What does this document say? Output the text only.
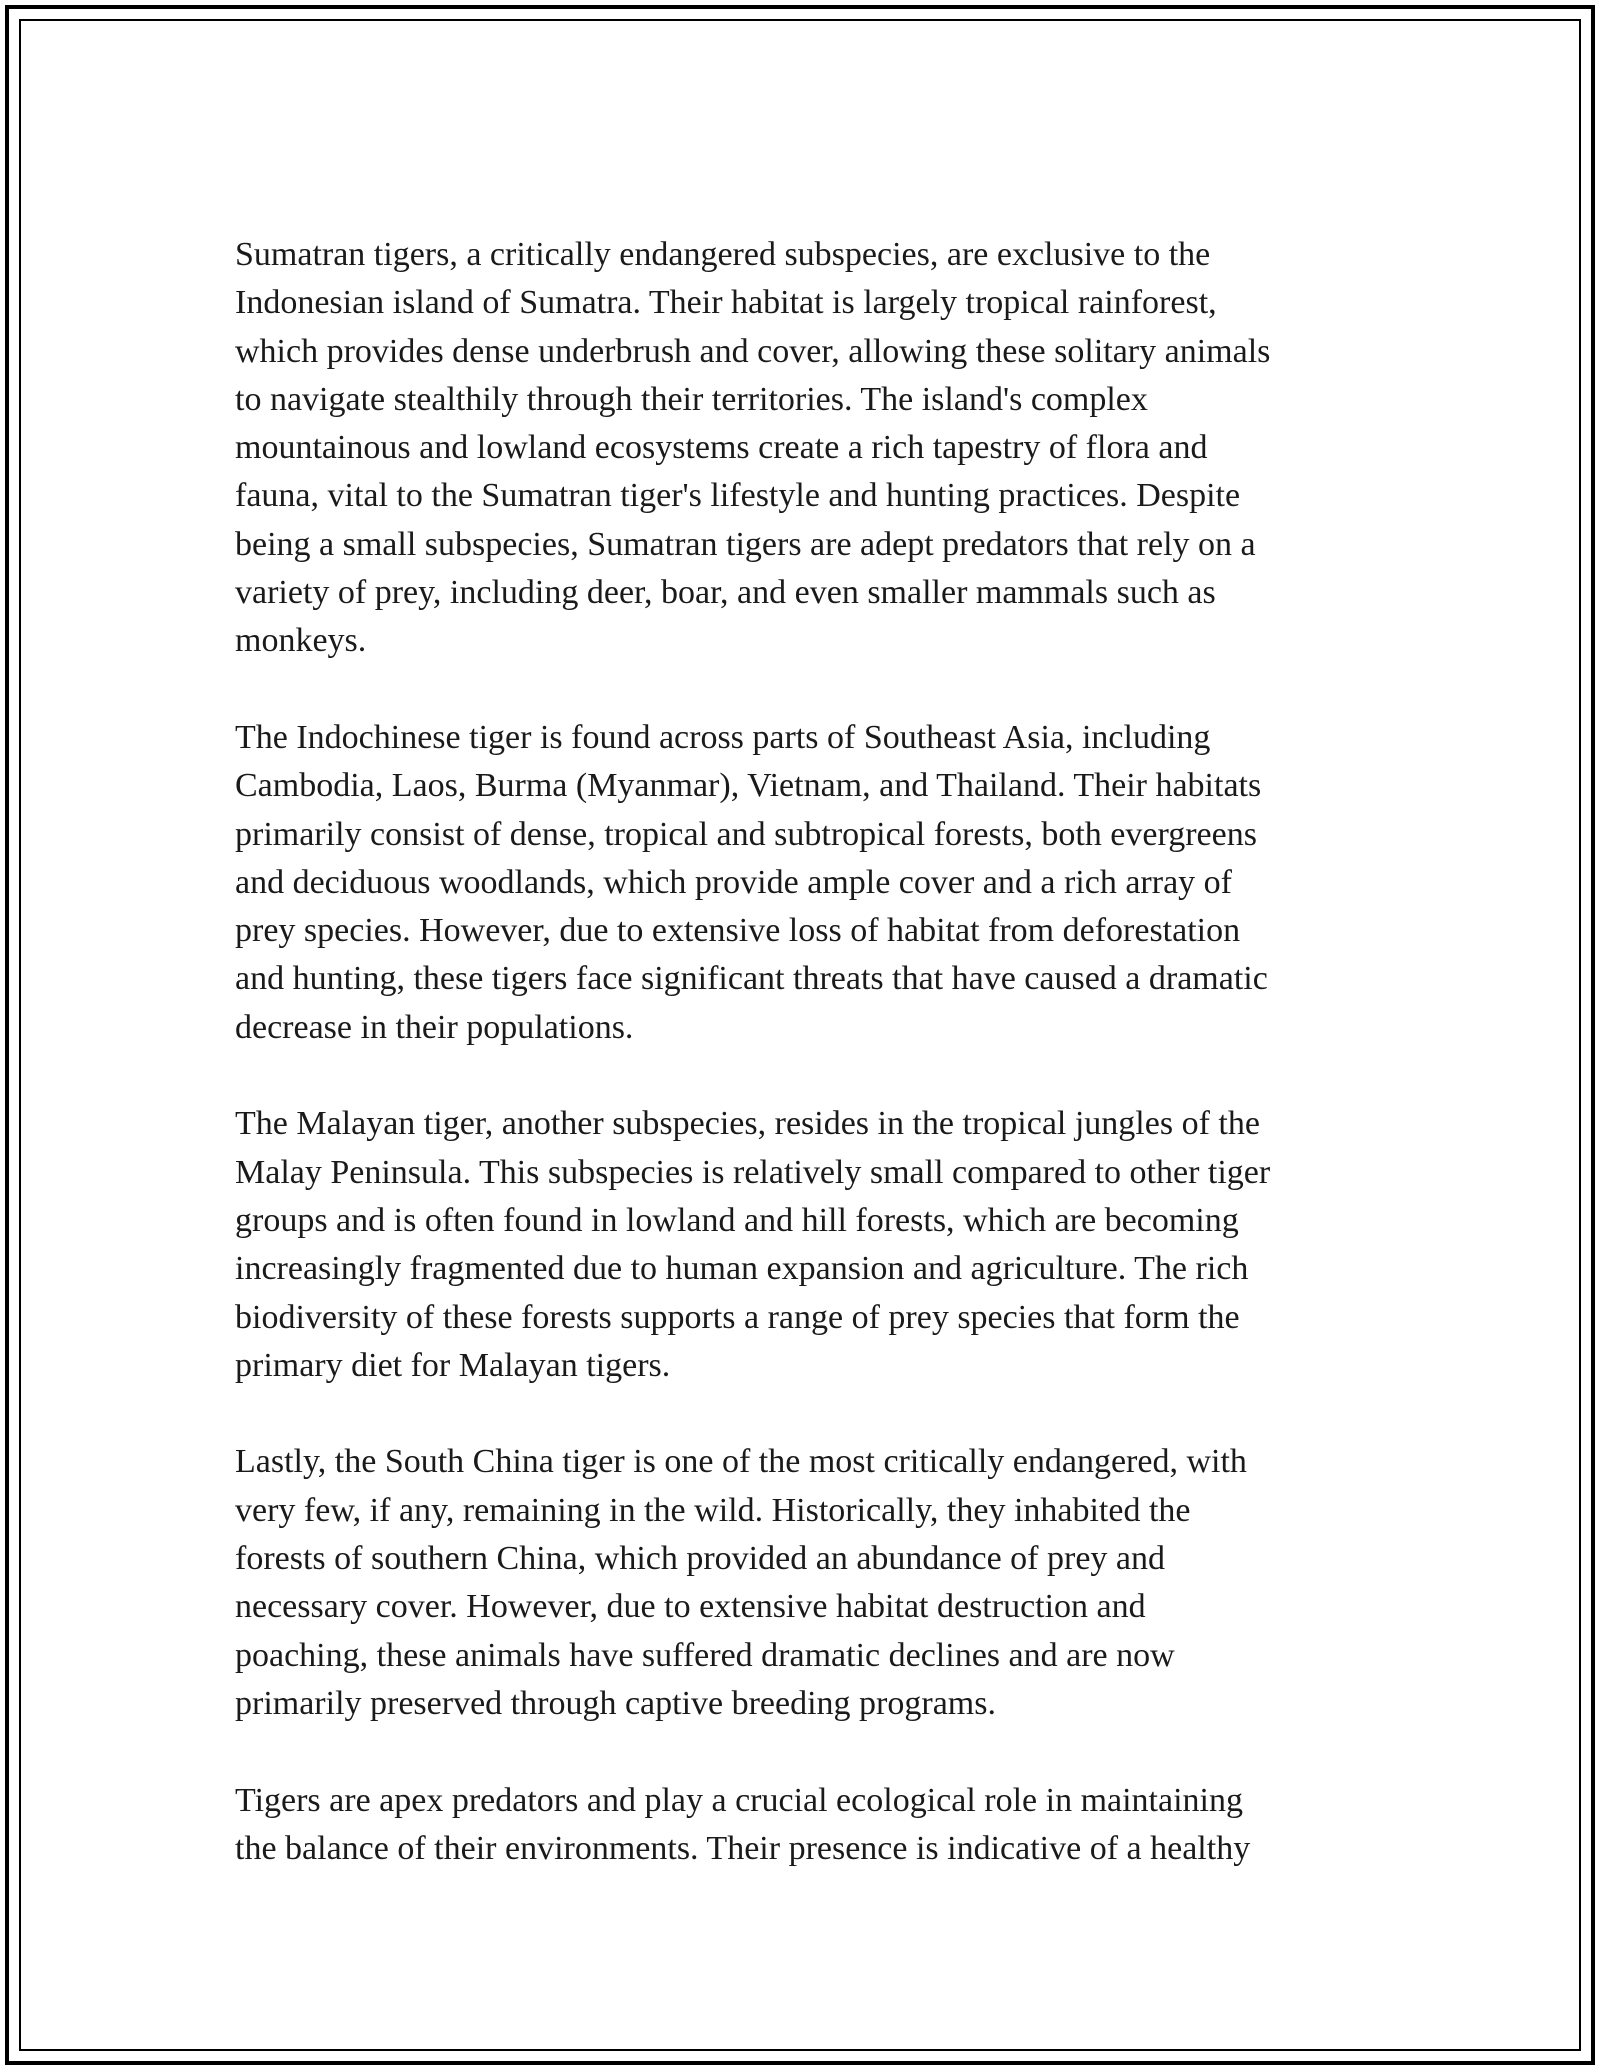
Sumatran tigers, a critically endangered subspecies, are exclusive to the
Indonesian island of Sumatra. Their habitat is largely tropical rainforest,
which provides dense underbrush and cover, allowing these solitary animals
to navigate stealthily through their territories. The island's complex
mountainous and lowland ecosystems create a rich tapestry of flora and
fauna, vital to the Sumatran tiger's lifestyle and hunting practices. Despite
being a small subspecies, Sumatran tigers are adept predators that rely on a
variety of prey, including deer, boar, and even smaller mammals such as
monkeys.

The Indochinese tiger is found across parts of Southeast Asia, including
Cambodia, Laos, Burma (Myanmar), Vietnam, and Thailand. Their habitats
primarily consist of dense, tropical and subtropical forests, both evergreens
and deciduous woodlands, which provide ample cover and a rich array of
prey species. However, due to extensive loss of habitat from deforestation
and hunting, these tigers face significant threats that have caused a dramatic
decrease in their populations.

The Malayan tiger, another subspecies, resides in the tropical jungles of the
Malay Peninsula. This subspecies is relatively small compared to other tiger
groups and is often found in lowland and hill forests, which are becoming
increasingly fragmented due to human expansion and agriculture. The rich
biodiversity of these forests supports a range of prey species that form the
primary diet for Malayan tigers.

Lastly, the South China tiger is one of the most critically endangered, with
very few, if any, remaining in the wild. Historically, they inhabited the
forests of southern China, which provided an abundance of prey and
necessary cover. However, due to extensive habitat destruction and
poaching, these animals have suffered dramatic declines and are now
primarily preserved through captive breeding programs.

Tigers are apex predators and play a crucial ecological role in maintaining
the balance of their environments. Their presence is indicative of a healthy
